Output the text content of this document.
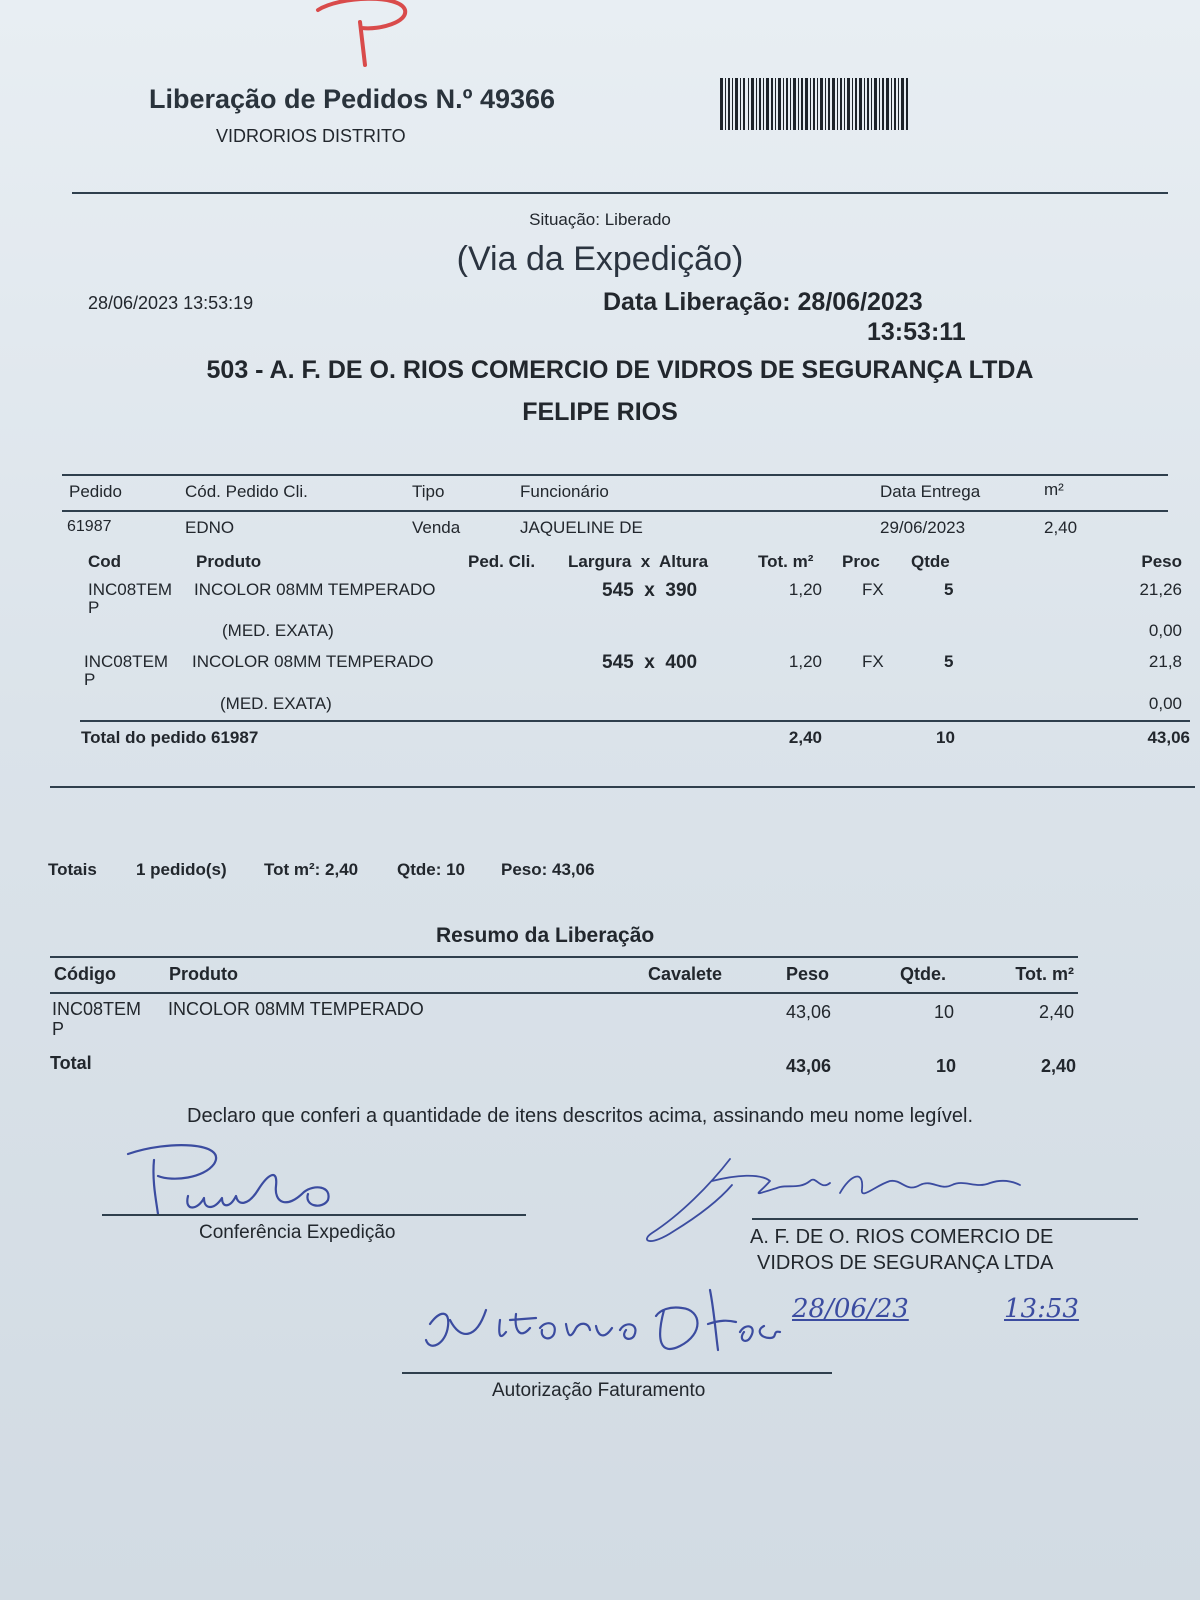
Liberação de Pedidos N.º 49366
VIDRORIOS DISTRITO
Situação: Liberado
(Via da Expedição)
28/06/2023 13:53:19	Data Liberação: 28/06/2023
13:53:11
503 - A. F. DE O. RIOS COMERCIO DE VIDROS DE SEGURANÇA LTDA
FELIPE RIOS
Pedido	Cód. Pedido Cli.	Tipo	Funcionário	Data Entrega	m²
61987	EDNO	Venda	JAQUELINE DE	29/06/2023	2,40
Cod	Produto	Ped. Cli. Largura  x  Altura	Tot. m² Proc Qtde	Peso
INC08TEM
P
INCOLOR 08MM TEMPERADO	545  x  390	1,20 FX	5	21,26
(MED. EXATA)	0,00
INC08TEM
P
INCOLOR 08MM TEMPERADO	545  x  400	1,20 FX	5	21,8
(MED. EXATA)	0,00
Total do pedido 61987	2,40	10	43,06
Totais 1 pedido(s) Tot m²: 2,40 Qtde: 10 Peso: 43,06
Resumo da Liberação
Código	Produto	Cavalete	Peso	Qtde.	Tot. m²
INC08TEM
P
INCOLOR 08MM TEMPERADO	43,06	10	2,40
Total	43,06	10	2,40
Declaro que conferi a quantidade de itens descritos acima, assinando meu nome legível.
Conferência Expedição	A. F. DE O. RIOS COMERCIO DE
VIDROS DE SEGURANÇA LTDA
28/06/23	13:53
Autorização Faturamento
